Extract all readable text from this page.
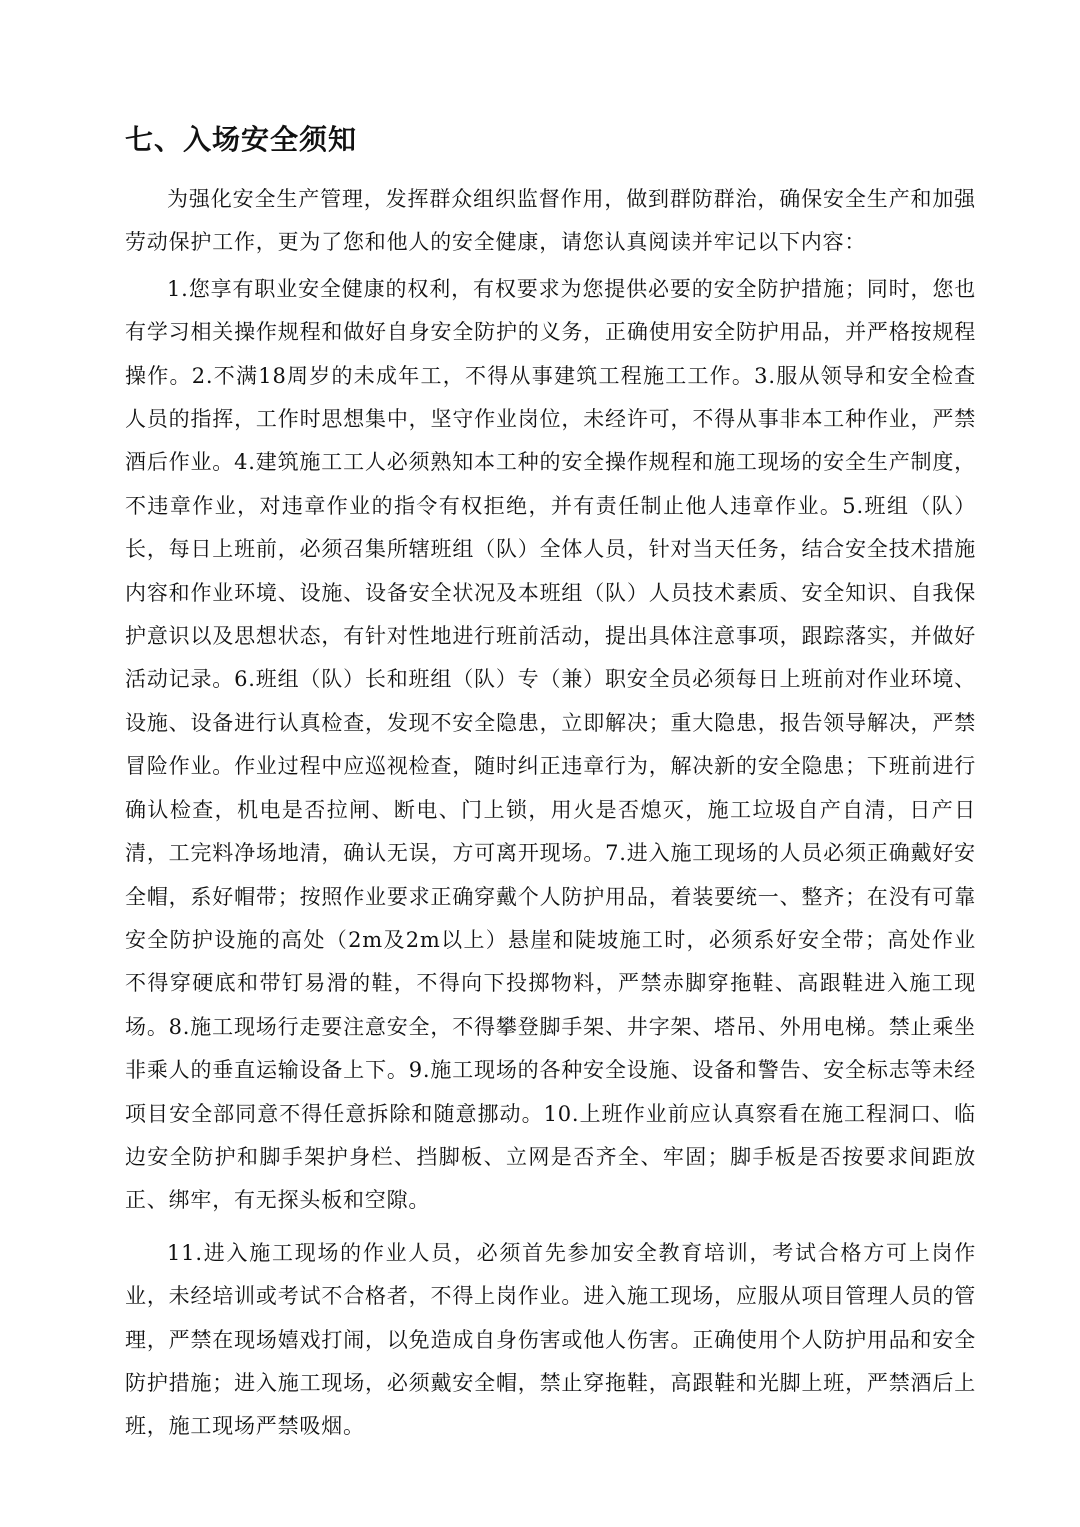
七、入场安全须知

为强化安全生产管理，发挥群众组织监督作用，做到群防群治，确保安全生产和加强劳动保护工作，更为了您和他人的安全健康，请您认真阅读并牢记以下内容：

1.您享有职业安全健康的权利，有权要求为您提供必要的安全防护措施；同时，您也有学习相关操作规程和做好自身安全防护的义务，正确使用安全防护用品，并严格按规程操作。2.不满18周岁的未成年工，不得从事建筑工程施工工作。3.服从领导和安全检查人员的指挥，工作时思想集中，坚守作业岗位，未经许可，不得从事非本工种作业，严禁酒后作业。4.建筑施工工人必须熟知本工种的安全操作规程和施工现场的安全生产制度，不违章作业，对违章作业的指令有权拒绝，并有责任制止他人违章作业。5.班组（队）长，每日上班前，必须召集所辖班组（队）全体人员，针对当天任务，结合安全技术措施内容和作业环境、设施、设备安全状况及本班组（队）人员技术素质、安全知识、自我保护意识以及思想状态，有针对性地进行班前活动，提出具体注意事项，跟踪落实，并做好活动记录。6.班组（队）长和班组（队）专（兼）职安全员必须每日上班前对作业环境、设施、设备进行认真检查，发现不安全隐患，立即解决；重大隐患，报告领导解决，严禁冒险作业。作业过程中应巡视检查，随时纠正违章行为，解决新的安全隐患；下班前进行确认检查，机电是否拉闸、断电、门上锁，用火是否熄灭，施工垃圾自产自清，日产日清，工完料净场地清，确认无误，方可离开现场。7.进入施工现场的人员必须正确戴好安全帽，系好帽带；按照作业要求正确穿戴个人防护用品，着装要统一、整齐；在没有可靠安全防护设施的高处（2m及2m以上）悬崖和陡坡施工时，必须系好安全带；高处作业不得穿硬底和带钉易滑的鞋，不得向下投掷物料，严禁赤脚穿拖鞋、高跟鞋进入施工现场。8.施工现场行走要注意安全，不得攀登脚手架、井字架、塔吊、外用电梯。禁止乘坐非乘人的垂直运输设备上下。9.施工现场的各种安全设施、设备和警告、安全标志等未经项目安全部同意不得任意拆除和随意挪动。10.上班作业前应认真察看在施工程洞口、临边安全防护和脚手架护身栏、挡脚板、立网是否齐全、牢固；脚手板是否按要求间距放正、绑牢，有无探头板和空隙。

11.进入施工现场的作业人员，必须首先参加安全教育培训，考试合格方可上岗作业，未经培训或考试不合格者，不得上岗作业。进入施工现场，应服从项目管理人员的管理，严禁在现场嬉戏打闹，以免造成自身伤害或他人伤害。正确使用个人防护用品和安全防护措施；进入施工现场，必须戴安全帽，禁止穿拖鞋，高跟鞋和光脚上班，严禁酒后上班，施工现场严禁吸烟。
